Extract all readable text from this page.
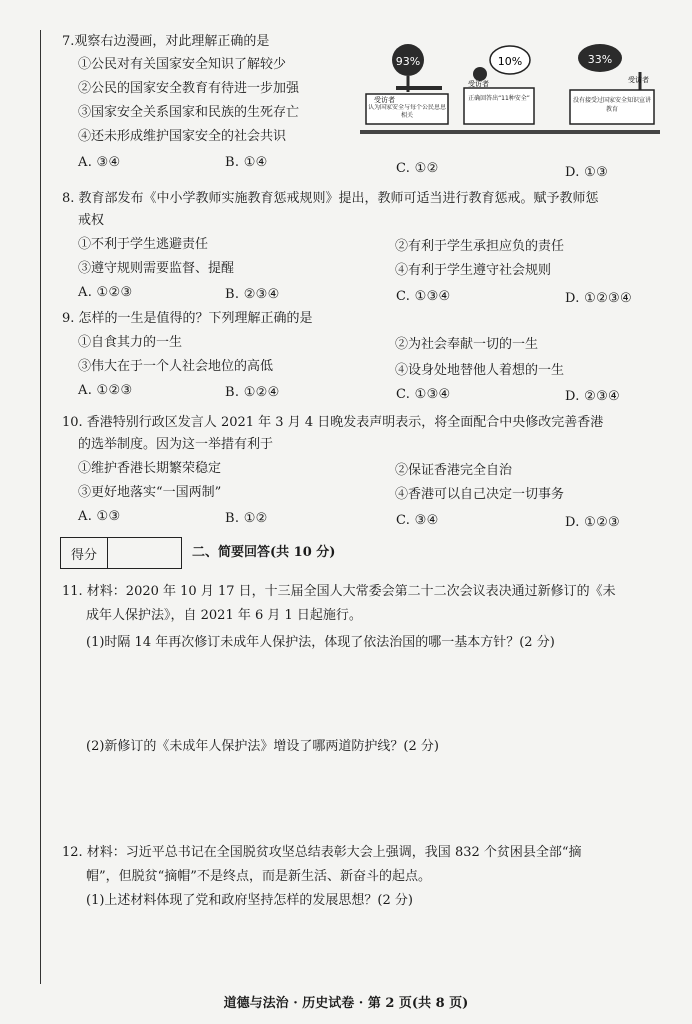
7.观察右边漫画，对此理解正确的是
①公民对有关国家安全知识了解较少
②公民的国家安全教育有待进一步加强
③国家安全关系国家和民族的生死存亡
④还未形成维护国家安全的社会共识
A. ③④	B. ①④	C. ①②	D. ①③
93%
受访者
认为国家安全与每个公民息息相关
10%
受访者
正确回答出“11种安全”
33%
受访者
没有接受过国家安全知识宣讲教育
8. 教育部发布《中小学教师实施教育惩戒规则》提出，教师可适当进行教育惩戒。赋予教师惩
戒权
①不利于学生逃避责任	②有利于学生承担应负的责任
③遵守规则需要监督、提醒	④有利于学生遵守社会规则
A. ①②③	B. ②③④	C. ①③④	D. ①②③④
9. 怎样的一生是值得的？下列理解正确的是
①自食其力的一生	②为社会奉献一切的一生
③伟大在于一个人社会地位的高低	④设身处地替他人着想的一生
A. ①②③	B. ①②④	C. ①③④	D. ②③④
10. 香港特别行政区发言人 2021 年 3 月 4 日晚发表声明表示，将全面配合中央修改完善香港
的选举制度。因为这一举措有利于
①维护香港长期繁荣稳定	②保证香港完全自治
③更好地落实“一国两制”	④香港可以自己决定一切事务
A. ①③	B. ①②	C. ③④	D. ①②③
得分	二、简要回答(共 10 分)
11. 材料：2020 年 10 月 17 日，十三届全国人大常委会第二十二次会议表决通过新修订的《未
成年人保护法》，自 2021 年 6 月 1 日起施行。
(1)时隔 14 年再次修订未成年人保护法，体现了依法治国的哪一基本方针？(2 分)
(2)新修订的《未成年人保护法》增设了哪两道防护线？(2 分)
12. 材料：习近平总书记在全国脱贫攻坚总结表彰大会上强调，我国 832 个贫困县全部“摘
帽”，但脱贫“摘帽”不是终点，而是新生活、新奋斗的起点。
(1)上述材料体现了党和政府坚持怎样的发展思想？(2 分)
道德与法治 · 历史试卷 · 第 2 页(共 8 页)
